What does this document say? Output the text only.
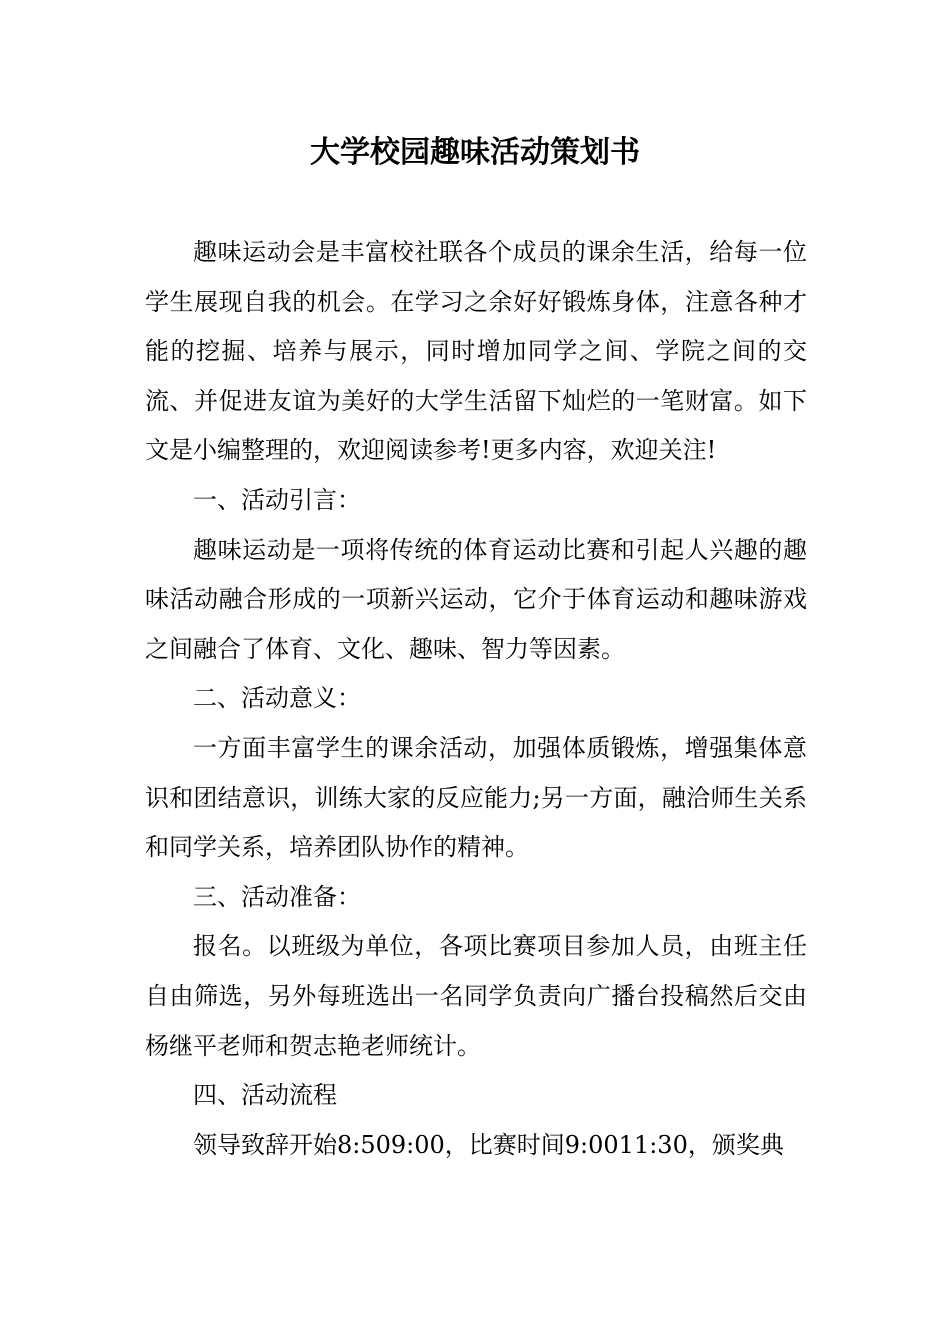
大学校园趣味活动策划书

趣味运动会是丰富校社联各个成员的课余生活，给每一位学生展现自我的机会。在学习之余好好锻炼身体，注意各种才能的挖掘、培养与展示，同时增加同学之间、学院之间的交流、并促进友谊为美好的大学生活留下灿烂的一笔财富。如下文是小编整理的，欢迎阅读参考!更多内容，欢迎关注!

一、活动引言：

趣味运动是一项将传统的体育运动比赛和引起人兴趣的趣味活动融合形成的一项新兴运动，它介于体育运动和趣味游戏之间融合了体育、文化、趣味、智力等因素。

二、活动意义：

一方面丰富学生的课余活动，加强体质锻炼，增强集体意识和团结意识，训练大家的反应能力;另一方面，融洽师生关系和同学关系，培养团队协作的精神。

三、活动准备：

报名。以班级为单位，各项比赛项目参加人员，由班主任自由筛选，另外每班选出一名同学负责向广播台投稿然后交由杨继平老师和贺志艳老师统计。

四、活动流程

领导致辞开始8:509:00，比赛时间9:0011:30，颁奖典
